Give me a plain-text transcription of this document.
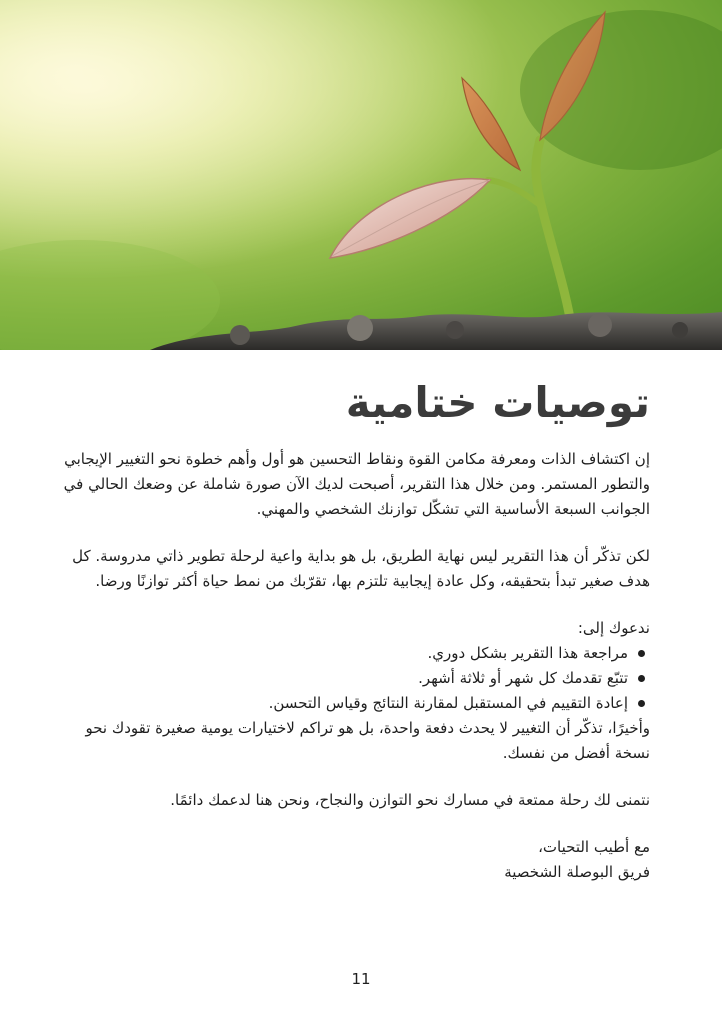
توصيات ختامية

إن اكتشاف الذات ومعرفة مكامن القوة ونقاط التحسين هو أول وأهم خطوة نحو التغيير الإيجابي والتطور المستمر. ومن خلال هذا التقرير، أصبحت لديك الآن صورة شاملة عن وضعك الحالي في الجوانب السبعة الأساسية التي تشكّل توازنك الشخصي والمهني.

لكن تذكّر أن هذا التقرير ليس نهاية الطريق، بل هو بداية واعية لرحلة تطوير ذاتي مدروسة. كل هدف صغير تبدأ بتحقيقه، وكل عادة إيجابية تلتزم بها، تقرّبك من نمط حياة أكثر توازنًا ورضا.

ندعوك إلى:

مراجعة هذا التقرير بشكل دوري.
تتبّع تقدمك كل شهر أو ثلاثة أشهر.
إعادة التقييم في المستقبل لمقارنة النتائج وقياس التحسن.

وأخيرًا، تذكّر أن التغيير لا يحدث دفعة واحدة، بل هو تراكم لاختيارات يومية صغيرة تقودك نحو نسخة أفضل من نفسك.

نتمنى لك رحلة ممتعة في مسارك نحو التوازن والنجاح، ونحن هنا لدعمك دائمًا.

مع أطيب التحيات،

فريق البوصلة الشخصية

11
